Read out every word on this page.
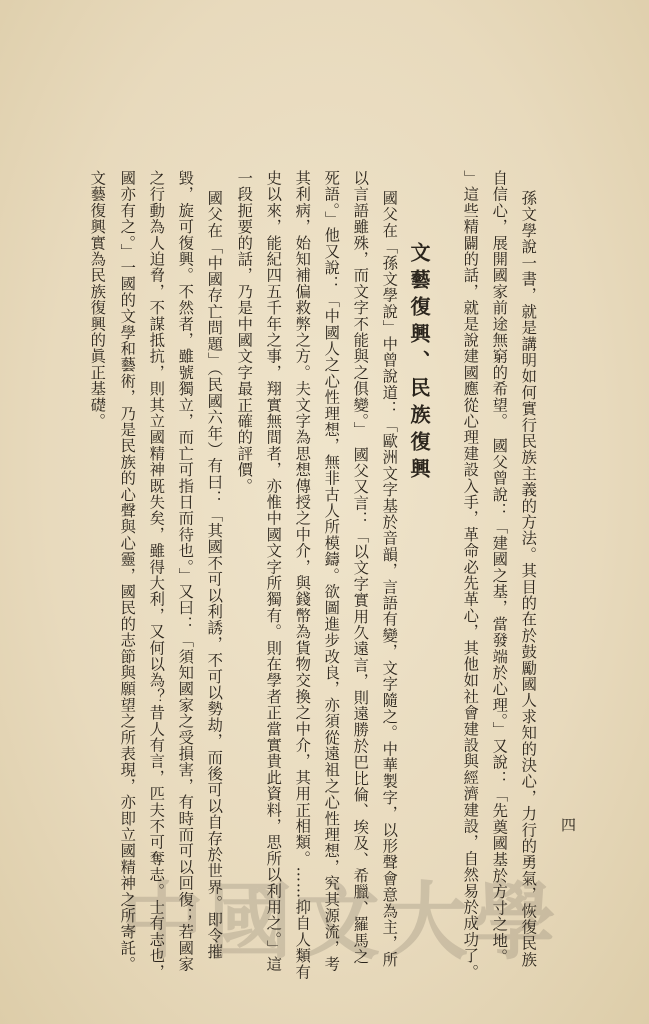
四
孫文學說一書，就是講明如何實行民族主義的方法。其目的在於鼓勵國人求知的決心，力行的勇氣，恢復民族
自信心，展開國家前途無窮的希望。　國父曾說：「建國之基，當發端於心理。」又說：「先奠國基於方寸之地。
」這些精闢的話，就是說建國應從心理建設入手，革命必先革心，其他如社會建設與經濟建設，自然易於成功了。
文藝復興、民族復興
國父在「孫文學說」中曾說道：「歐洲文字基於音韻，言語有變，文字隨之。中華製字，以形聲會意為主，所
以言語雖殊，而文字不能與之俱變。」　國父又言：「以文字實用久遠言，則遠勝於巴比倫、埃及、希臘、羅馬之
死語。」他又說：「中國人之心性理想，無非古人所模鑄。欲圖進步改良，亦須從遠祖之心性理想，究其源流，考
其利病，始知補偏救弊之方。夫文字為思想傳授之中介，與錢幣為貨物交換之中介，其用正相類。……抑自人類有
史以來，能紀四五千年之事，翔實無間者，亦惟中國文字所獨有。則在學者正當實貴此資料，思所以利用之。」這
一段扼要的話，乃是中國文字最正確的評價。
國父在「中國存亡問題」（民國六年）有曰：「其國不可以利誘，不可以勢劫，而後可以自存於世界。即令摧
毀，旋可復興。不然者，雖號獨立，而亡可指日而待也。」又曰：「須知國家之受損害，有時而可以回復；若國家
之行動為人迫脅，不謀抵抗，則其立國精神既失矣，雖得大利，又何以為？昔人有言，匹夫不可奪志。士有志也，
國亦有之。」一國的文學和藝術，乃是民族的心聲與心靈，國民的志節與願望之所表現，亦即立國精神之所寄託。
文藝復興實為民族復興的眞正基礎。
中國文大學
